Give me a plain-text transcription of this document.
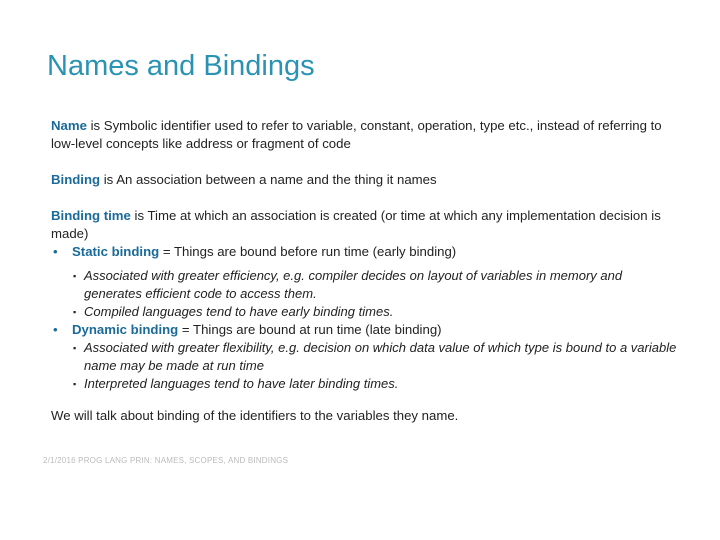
Names and Bindings

Name is Symbolic identifier used to refer to variable, constant, operation, type etc., instead of referring to low-level concepts like address or fragment of code

Binding is An association between a name and the thing it names

Binding time is Time at which an association is created (or time at which any implementation decision is made)

• Static binding = Things are bound before run time (early binding)

▪ Associated with greater efficiency, e.g. compiler decides on layout of variables in memory and generates efficient code to access them.

▪ Compiled languages tend to have early binding times.

• Dynamic binding = Things are bound at run time (late binding)

▪ Associated with greater flexibility, e.g. decision on which data value of which type is bound to a variable

name may be made at run time

▪ Interpreted languages tend to have later binding times.

We will talk about binding of the identifiers to the variables they name.

2/1/2016 PROG LANG PRIN: NAMES, SCOPES, AND BINDINGS
